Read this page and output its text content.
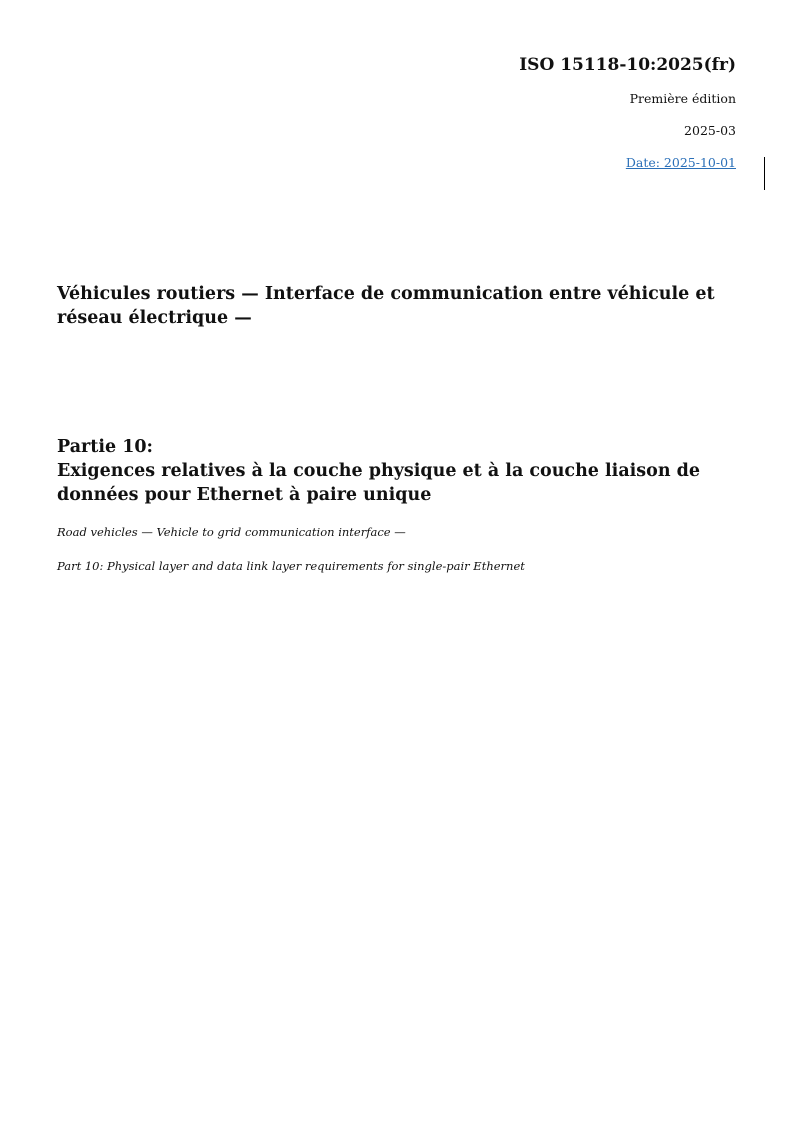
ISO 15118-10:2025(fr)
Première édition
2025-03
Date: 2025-10-01
Véhicules routiers — Interface de communication entre véhicule et réseau électrique —
Partie 10:
Exigences relatives à la couche physique et à la couche liaison de données pour Ethernet à paire unique
Road vehicles — Vehicle to grid communication interface —
Part 10: Physical layer and data link layer requirements for single-pair Ethernet
